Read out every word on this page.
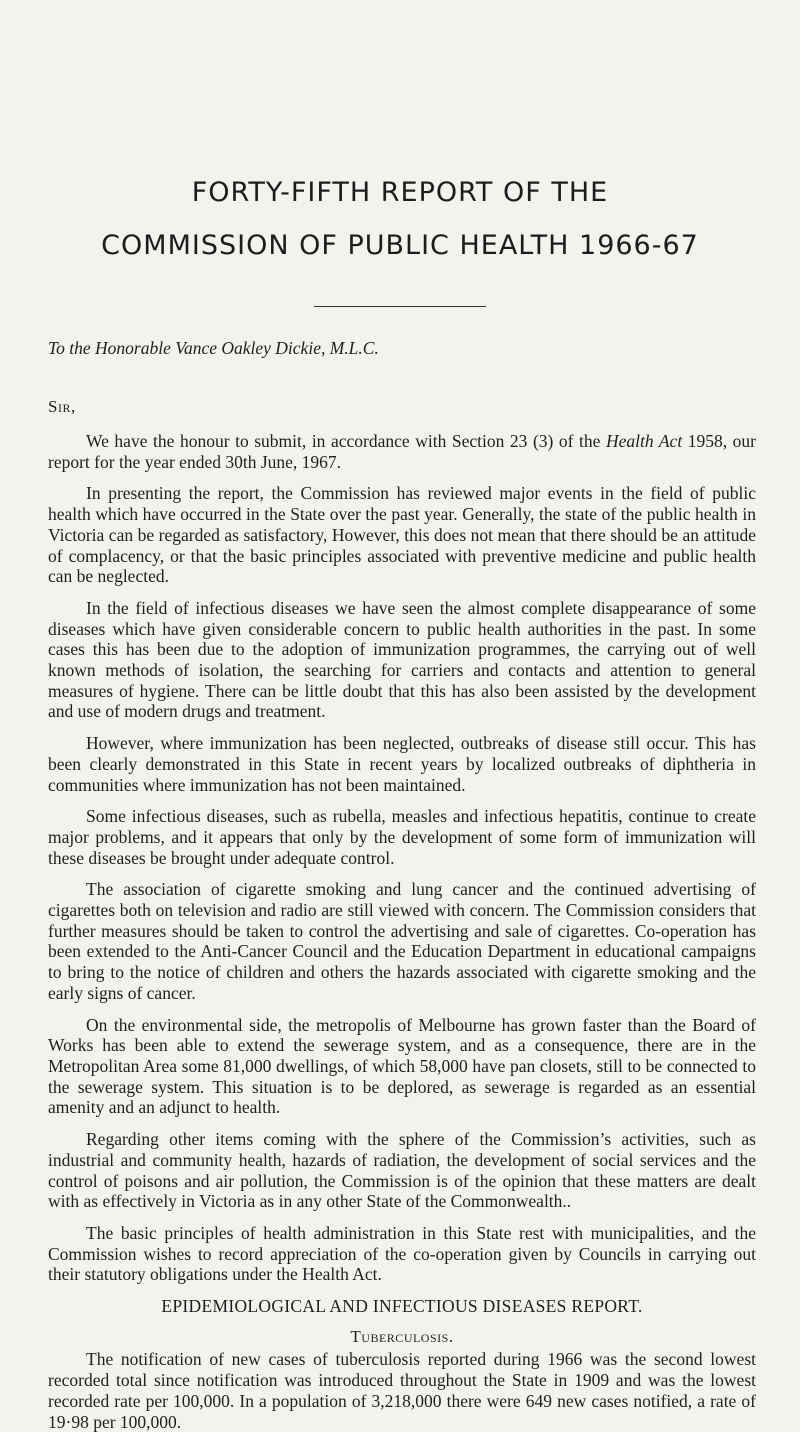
FORTY-FIFTH REPORT OF THE
COMMISSION OF PUBLIC HEALTH 1966-67
To the Honorable Vance Oakley Dickie, M.L.C.
Sir,

We have the honour to submit, in accordance with Section 23 (3) of the Health Act 1958, our report for the year ended 30th June, 1967.

In presenting the report, the Commission has reviewed major events in the field of public health which have occurred in the State over the past year. Generally, the state of the public health in Victoria can be regarded as satisfactory, However, this does not mean that there should be an attitude of complacency, or that the basic principles associated with preventive medicine and public health can be neglected.

In the field of infectious diseases we have seen the almost complete disappearance of some diseases which have given considerable concern to public health authorities in the past. In some cases this has been due to the adoption of immunization programmes, the carrying out of well known methods of isolation, the searching for carriers and contacts and attention to general measures of hygiene. There can be little doubt that this has also been assisted by the development and use of modern drugs and treatment.

However, where immunization has been neglected, outbreaks of disease still occur. This has been clearly demonstrated in this State in recent years by localized outbreaks of diphtheria in communities where immunization has not been maintained.

Some infectious diseases, such as rubella, measles and infectious hepatitis, continue to create major problems, and it appears that only by the development of some form of immunization will these diseases be brought under adequate control.

The association of cigarette smoking and lung cancer and the continued advertising of cigarettes both on television and radio are still viewed with concern. The Commission considers that further measures should be taken to control the advertising and sale of cigarettes. Co-operation has been extended to the Anti-Cancer Council and the Education Department in educational campaigns to bring to the notice of children and others the hazards associated with cigarette smoking and the early signs of cancer.

On the environmental side, the metropolis of Melbourne has grown faster than the Board of Works has been able to extend the sewerage system, and as a consequence, there are in the Metropolitan Area some 81,000 dwellings, of which 58,000 have pan closets, still to be connected to the sewerage system. This situation is to be deplored, as sewerage is regarded as an essential amenity and an adjunct to health.

Regarding other items coming with the sphere of the Commission’s activities, such as industrial and community health, hazards of radiation, the development of social services and the control of poisons and air pollution, the Commission is of the opinion that these matters are dealt with as effectively in Victoria as in any other State of the Commonwealth..

The basic principles of health administration in this State rest with municipalities, and the Commission wishes to record appreciation of the co-operation given by Councils in carrying out their statutory obligations under the Health Act.

EPIDEMIOLOGICAL AND INFECTIOUS DISEASES REPORT.
Tuberculosis.

The notification of new cases of tuberculosis reported during 1966 was the second lowest recorded total since notification was introduced throughout the State in 1909 and was the lowest recorded rate per 100,000. In a population of 3,218,000 there were 649 new cases notified, a rate of 19·98 per 100,000.
